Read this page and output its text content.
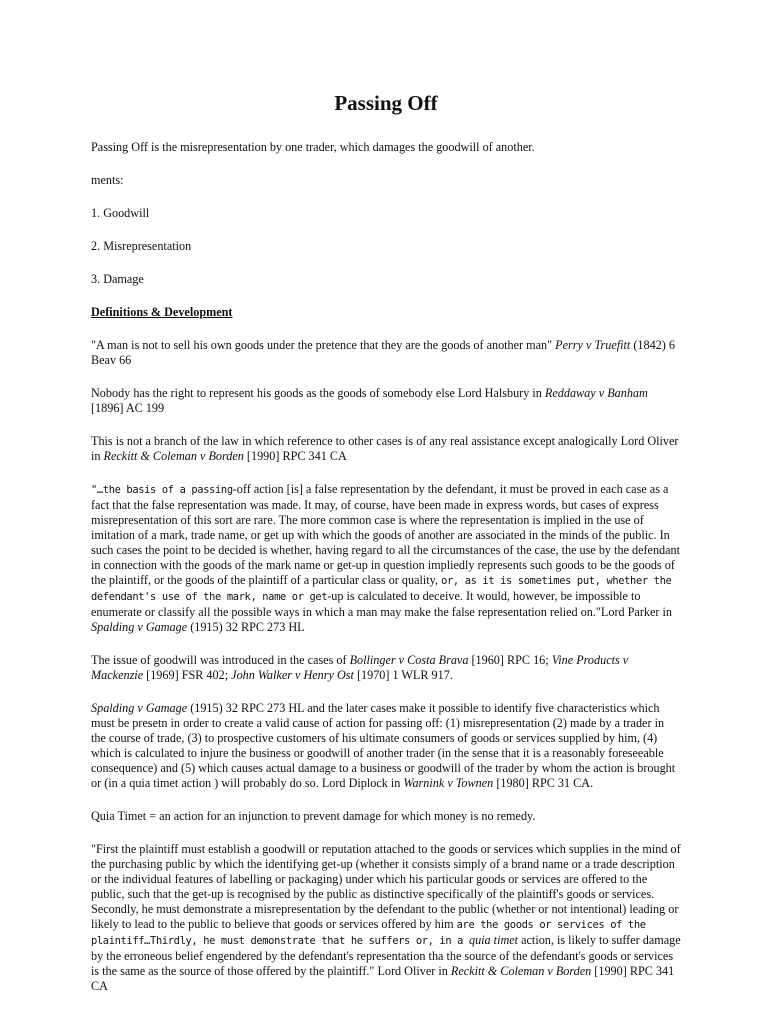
Passing Off

Passing Off is the misrepresentation by one trader, which damages the goodwill of another.

ments:

1. Goodwill

2. Misrepresentation

3. Damage

Definitions & Development

"A man is not to sell his own goods under the pretence that they are the goods of another man" Perry v Truefitt (1842) 6 Beav 66

Nobody has the right to represent his goods as the goods of somebody else Lord Halsbury in Reddaway v Banham [1896] AC 199

This is not a branch of the law in which reference to other cases is of any real assistance except analogically Lord Oliver in Reckitt & Coleman v Borden [1990] RPC 341 CA

"…the basis of a passing-off action [is] a false representation by the defendant, it must be proved in each case as a fact that the false representation was made. It may, of course, have been made in express words, but cases of express misrepresentation of this sort are rare. The more common case is where the representation is implied in the use of imitation of a mark, trade name, or get up with which the goods of another are associated in the minds of the public. In such cases the point to be decided is whether, having regard to all the circumstances of the case, the use by the defendant in connection with the goods of the mark name or get-up in question impliedly represents such goods to be the goods of the plaintiff, or the goods of the plaintiff of a particular class or quality, or, as it is sometimes put, whether the defendant's use of the mark, name or get-up is calculated to deceive. It would, however, be impossible to enumerate or classify all the possible ways in which a man may make the false representation relied on."Lord Parker in Spalding v Gamage (1915) 32 RPC 273 HL

The issue of goodwill was introduced in the cases of Bollinger v Costa Brava [1960] RPC 16; Vine Products v Mackenzie [1969] FSR 402; John Walker v Henry Ost [1970] 1 WLR 917.

Spalding v Gamage (1915) 32 RPC 273 HL and the later cases make it possible to identify five characteristics which must be presetn in order to create a valid cause of action for passing off: (1) misrepresentation (2) made by a trader in the course of trade, (3) to prospective customers of his ultimate consumers of goods or services supplied by him, (4) which is calculated to injure the business or goodwill of another trader (in the sense that it is a reasonably foreseeable consequence) and (5) which causes actual damage to a business or goodwill of the trader by whom the action is brought or (in a quia timet action ) will probably do so. Lord Diplock in Warnink v Townen [1980] RPC 31 CA.

Quia Timet = an action for an injunction to prevent damage for which money is no remedy.

"First the plaintiff must establish a goodwill or reputation attached to the goods or services which supplies in the mind of the purchasing public by which the identifying get-up (whether it consists simply of a brand name or a trade description or the individual features of labelling or packaging) under which his particular goods or services are offered to the public, such that the get-up is recognised by the public as distinctive specifically of the plaintiff's goods or services. Secondly, he must demonstrate a misrepresentation by the defendant to the public (whether or not intentional) leading or likely to lead to the public to believe that goods or services offered by him are the goods or services of the plaintiff…Thirdly, he must demonstrate that he suffers or, in a quia timet action, is likely to suffer damage by the erroneous belief engendered by the defendant's representation tha the source of the defendant's goods or services is the same as the source of those offered by the plaintiff." Lord Oliver in Reckitt & Coleman v Borden [1990] RPC 341 CA
